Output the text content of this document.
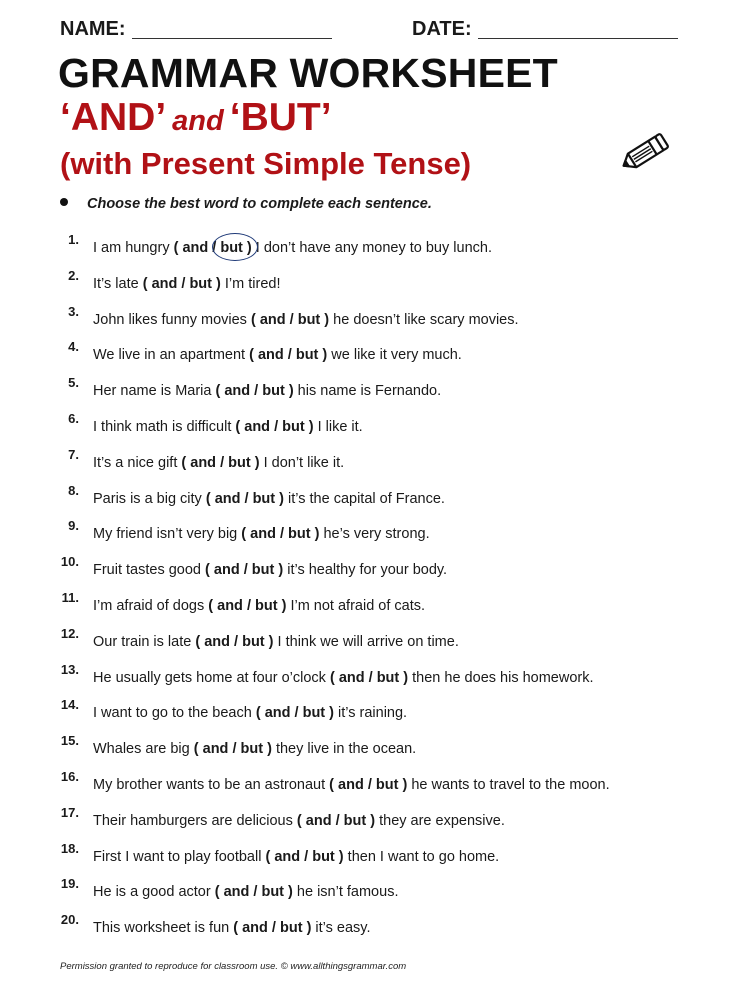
NAME:	DATE:
GRAMMAR WORKSHEET
‘AND’ and ‘BUT’
(with Present Simple Tense)
Choose the best word to complete each sentence.
1.
I am hungry ( and / but ) I don’t have any money to buy lunch.
2.
It’s late ( and / but ) I’m tired!
3.
John likes funny movies ( and / but ) he doesn’t like scary movies.
4.
We live in an apartment ( and / but ) we like it very much.
5.
Her name is Maria ( and / but ) his name is Fernando.
6.
I think math is difficult ( and / but ) I like it.
7.
It’s a nice gift ( and / but ) I don’t like it.
8.
Paris is a big city ( and / but ) it’s the capital of France.
9.
My friend isn’t very big ( and / but ) he’s very strong.
10.
Fruit tastes good ( and / but ) it’s healthy for your body.
11.
I’m afraid of dogs ( and / but ) I’m not afraid of cats.
12.
Our train is late ( and / but ) I think we will arrive on time.
13.
He usually gets home at four o’clock ( and / but ) then he does his homework.
14.
I want to go to the beach ( and / but ) it’s raining.
15.
Whales are big ( and / but ) they live in the ocean.
16.
My brother wants to be an astronaut ( and / but ) he wants to travel to the moon.
17.
Their hamburgers are delicious ( and / but ) they are expensive.
18.
First I want to play football ( and / but ) then I want to go home.
19.
He is a good actor ( and / but ) he isn’t famous.
20.
This worksheet is fun ( and / but ) it’s easy.
Permission granted to reproduce for classroom use. © www.allthingsgrammar.com
